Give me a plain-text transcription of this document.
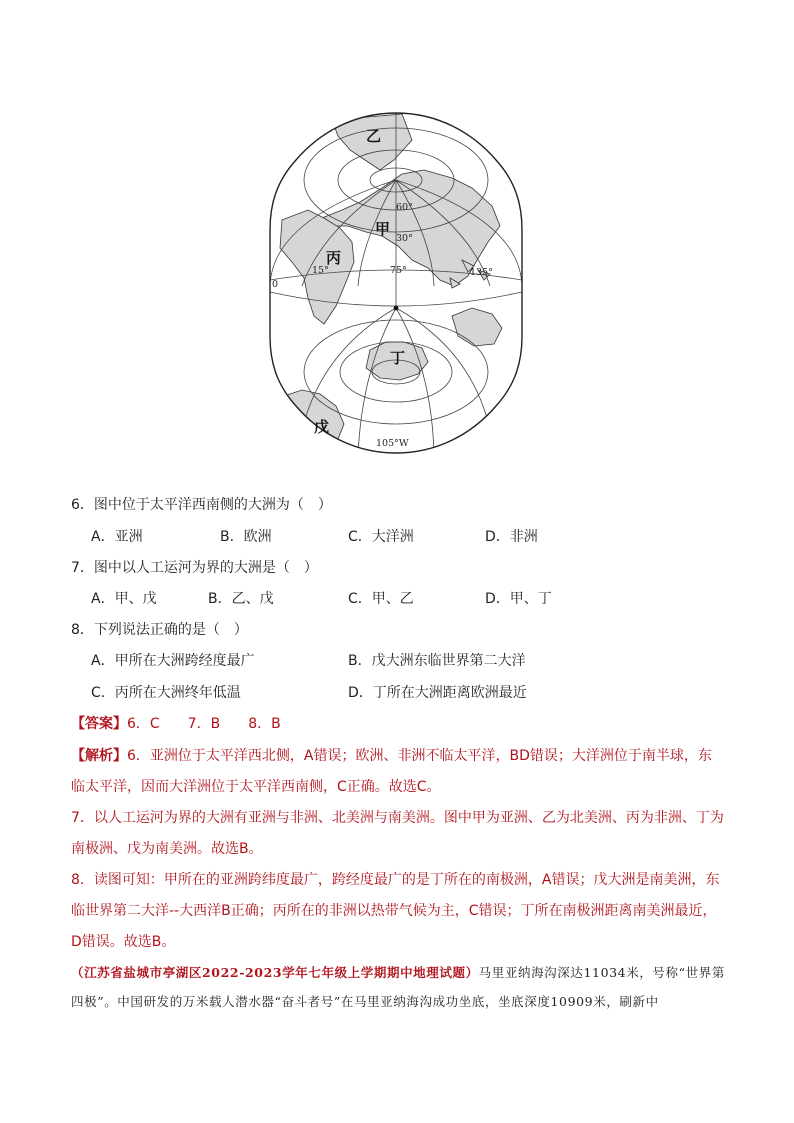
乙
甲
丙
丁
戊
60°
30°
15°	75°	135°
0
105°W
6．图中位于太平洋西南侧的大洲为（　）
A．亚洲	B．欧洲	C．大洋洲	D．非洲
7．图中以人工运河为界的大洲是（　）
A．甲、戊	B．乙、戊	C．甲、乙	D．甲、丁
8．下列说法正确的是（　）
A．甲所在大洲跨经度最广	B．戊大洲东临世界第二大洋
C．丙所在大洲终年低温	D．丁所在大洲距离欧洲最近
【答案】6．C　　7．B　　8．B
【解析】6．亚洲位于太平洋西北侧，A错误；欧洲、非洲不临太平洋，BD错误；大洋洲位于南半球，东临太平洋，因而大洋洲位于太平洋西南侧，C正确。故选C。
7．以人工运河为界的大洲有亚洲与非洲、北美洲与南美洲。图中甲为亚洲、乙为北美洲、丙为非洲、丁为南极洲、戊为南美洲。故选B。
8．读图可知：甲所在的亚洲跨纬度最广，跨经度最广的是丁所在的南极洲，A错误；戊大洲是南美洲，东临世界第二大洋--大西洋B正确；丙所在的非洲以热带气候为主，C错误；丁所在南极洲距离南美洲最近，D错误。故选B。
（江苏省盐城市亭湖区2022-2023学年七年级上学期期中地理试题）马里亚纳海沟深达11034米，号称“世界第四极”。中国研发的万米载人潜水器“奋斗者号”在马里亚纳海沟成功坐底，坐底深度10909米，刷新中
